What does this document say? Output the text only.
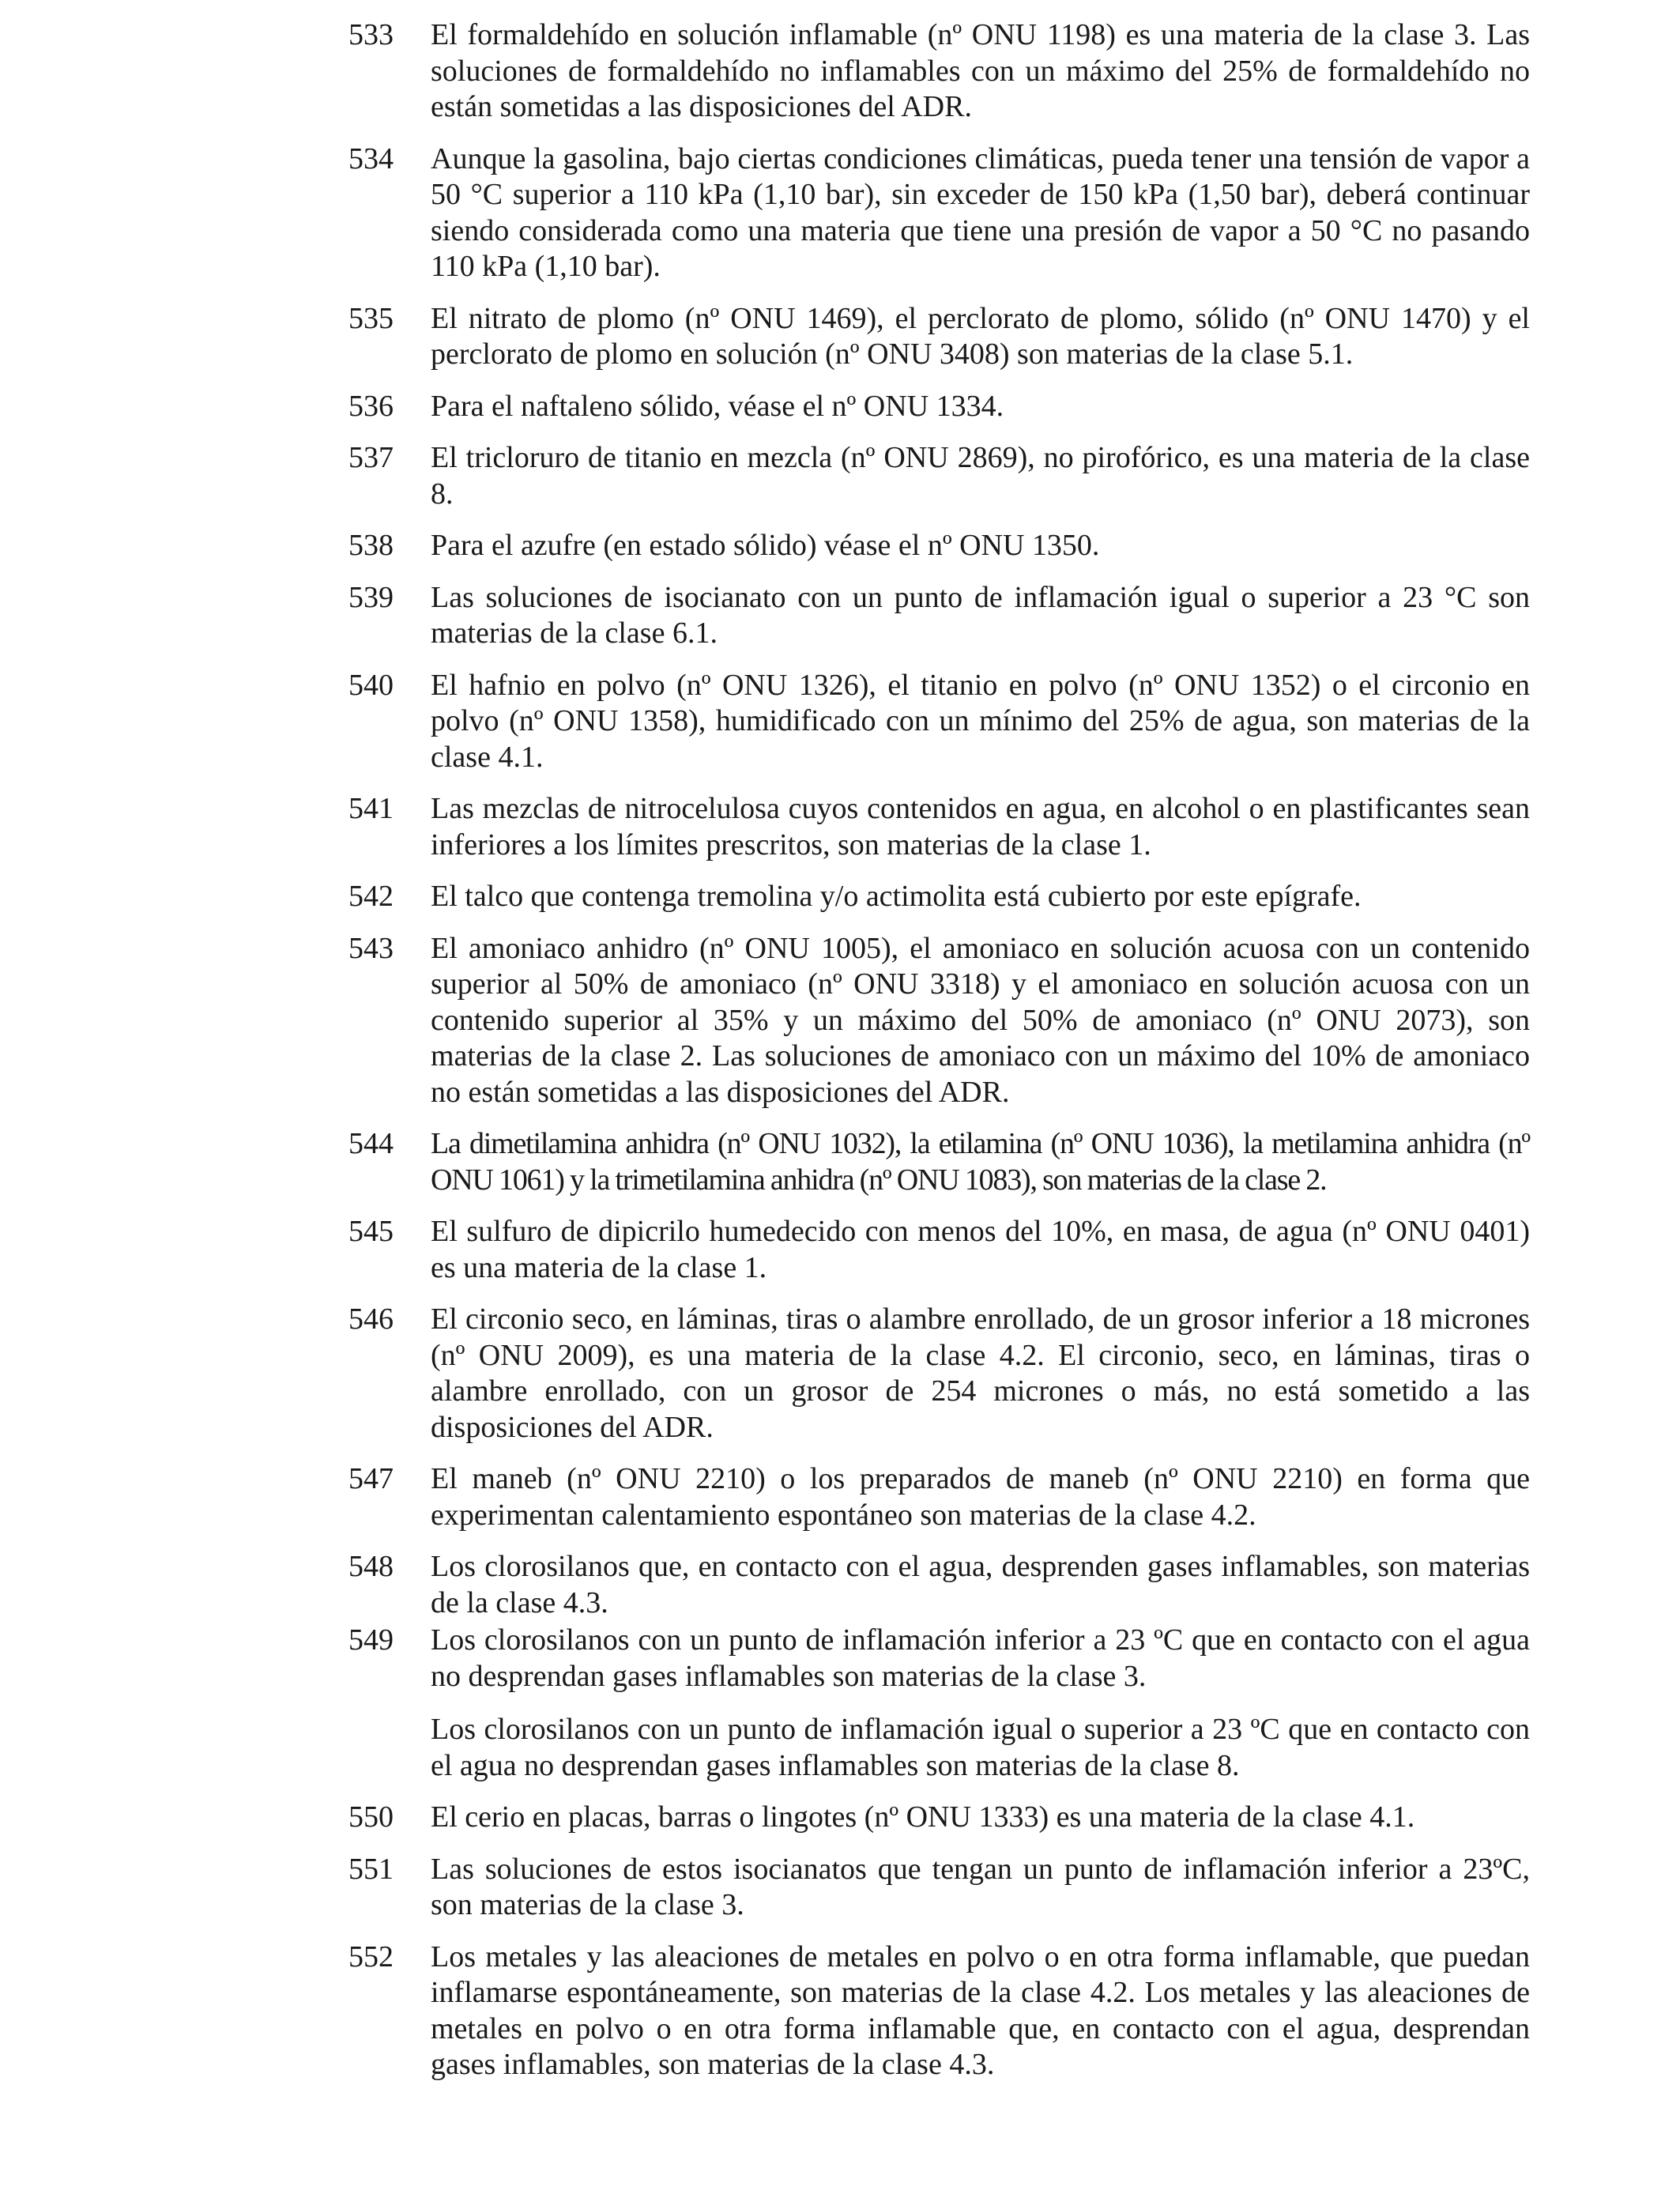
533	El formaldehído en solución inflamable (nº ONU 1198) es una materia de la clase 3. Las soluciones de formaldehído no inflamables con un máximo del 25% de formaldehído no están sometidas a las disposiciones del ADR.

534	Aunque la gasolina, bajo ciertas condiciones climáticas, pueda tener una tensión de vapor a 50 °C superior a 110 kPa (1,10 bar), sin exceder de 150 kPa (1,50 bar), deberá continuar siendo considerada como una materia que tiene una presión de vapor a 50 °C no pasando 110 kPa (1,10 bar).

535	El nitrato de plomo (nº ONU 1469), el perclorato de plomo, sólido (nº ONU 1470) y el perclorato de plomo en solución (nº ONU 3408) son materias de la clase 5.1.

536	Para el naftaleno sólido, véase el nº ONU 1334.

537	El tricloruro de titanio en mezcla (nº ONU 2869), no pirofórico, es una materia de la clase 8.

538	Para el azufre (en estado sólido) véase el nº ONU 1350.

539	Las soluciones de isocianato con un punto de inflamación igual o superior a 23 °C son materias de la clase 6.1.

540	El hafnio en polvo (nº ONU 1326), el titanio en polvo (nº ONU 1352) o el circonio en polvo (nº ONU 1358), humidificado con un mínimo del 25% de agua, son materias de la clase 4.1.

541	Las mezclas de nitrocelulosa cuyos contenidos en agua, en alcohol o en plastificantes sean inferiores a los límites prescritos, son materias de la clase 1.

542	El talco que contenga tremolina y/o actimolita está cubierto por este epígrafe.

543	El amoniaco anhidro (nº ONU 1005), el amoniaco en solución acuosa con un contenido superior al 50% de amoniaco (nº ONU 3318) y el amoniaco en solución acuosa con un contenido superior al 35% y un máximo del 50% de amoniaco (nº ONU 2073), son materias de la clase 2. Las soluciones de amoniaco con un máximo del 10% de amoniaco no están sometidas a las disposiciones del ADR.

544	La dimetilamina anhidra (nº ONU 1032), la etilamina (nº ONU 1036), la metilamina anhidra (nº ONU 1061) y la trimetilamina anhidra (nº ONU 1083), son materias de la clase 2.

545	El sulfuro de dipicrilo humedecido con menos del 10%, en masa, de agua (nº ONU 0401) es una materia de la clase 1.

546	El circonio seco, en láminas, tiras o alambre enrollado, de un grosor inferior a 18 micrones (nº ONU 2009), es una materia de la clase 4.2. El circonio, seco, en láminas, tiras o alambre enrollado, con un grosor de 254 micrones o más, no está sometido a las disposiciones del ADR.

547	El maneb (nº ONU 2210) o los preparados de maneb (nº ONU 2210) en forma que experimentan calentamiento espontáneo son materias de la clase 4.2.

548	Los clorosilanos que, en contacto con el agua, desprenden gases inflamables, son materias de la clase 4.3.

549	Los clorosilanos con un punto de inflamación inferior a 23 ºC que en contacto con el agua no desprendan gases inflamables son materias de la clase 3.

Los clorosilanos con un punto de inflamación igual o superior a 23 ºC que en contacto con el agua no desprendan gases inflamables son materias de la clase 8.

550	El cerio en placas, barras o lingotes (nº ONU 1333) es una materia de la clase 4.1.

551	Las soluciones de estos isocianatos que tengan un punto de inflamación inferior a 23ºC, son materias de la clase 3.

552	Los metales y las aleaciones de metales en polvo o en otra forma inflamable, que puedan inflamarse espontáneamente, son materias de la clase 4.2. Los metales y las aleaciones de metales en polvo o en otra forma inflamable que, en contacto con el agua, desprendan gases inflamables, son materias de la clase 4.3.
